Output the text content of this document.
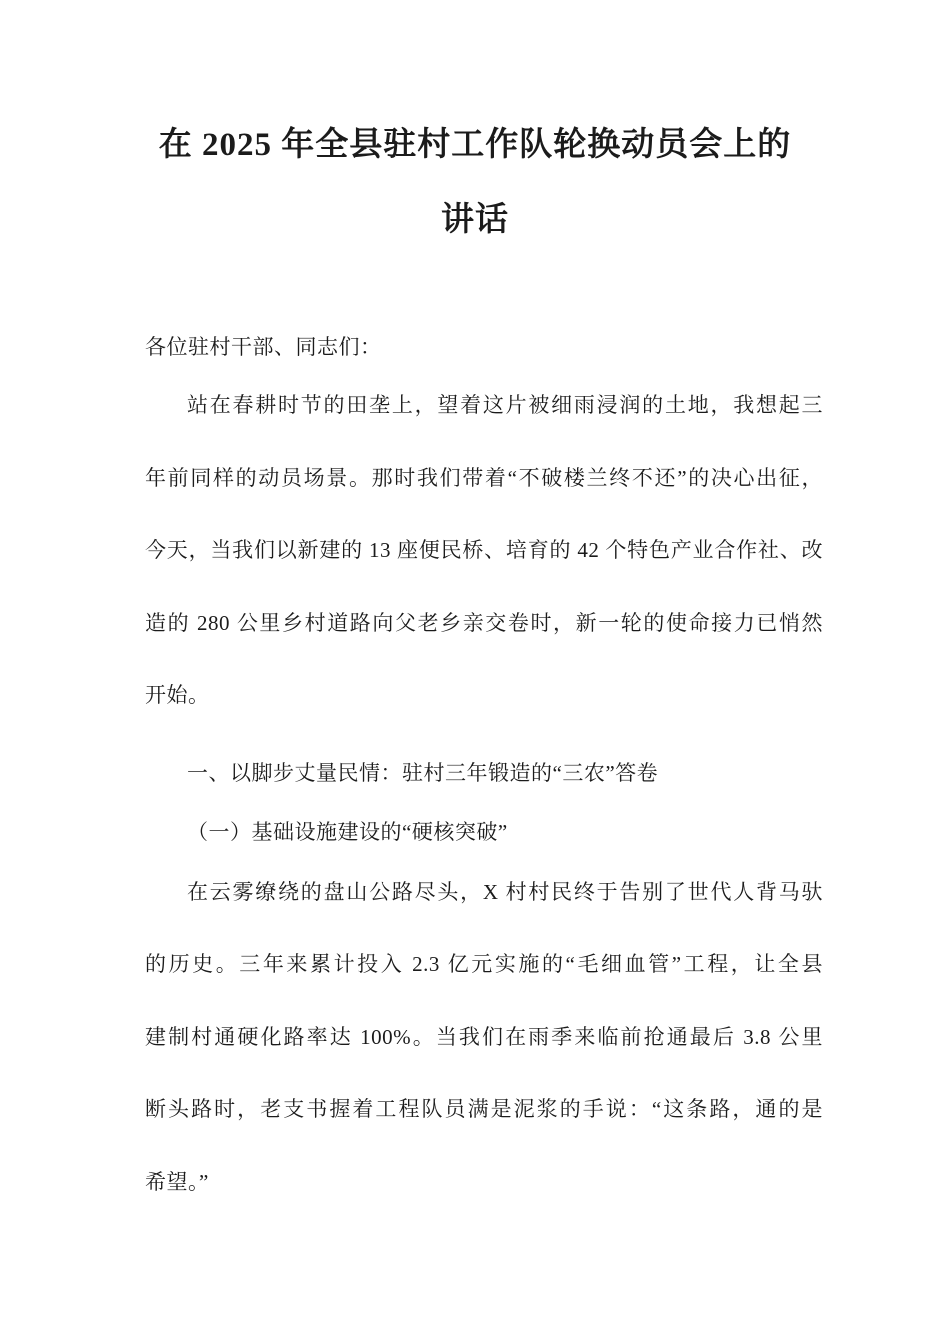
在 2025 年全县驻村工作队轮换动员会上的
讲话
各位驻村干部、同志们：
站在春耕时节的田垄上，望着这片被细雨浸润的土地，我想起三
年前同样的动员场景。那时我们带着“不破楼兰终不还”的决心出征，
今天，当我们以新建的 13 座便民桥、培育的 42 个特色产业合作社、改
造的 280 公里乡村道路向父老乡亲交卷时，新一轮的使命接力已悄然
开始。
一、以脚步丈量民情：驻村三年锻造的“三农”答卷
（一）基础设施建设的“硬核突破”
在云雾缭绕的盘山公路尽头，X 村村民终于告别了世代人背马驮
的历史。三年来累计投入 2.3 亿元实施的“毛细血管”工程，让全县
建制村通硬化路率达 100%。当我们在雨季来临前抢通最后 3.8 公里
断头路时，老支书握着工程队员满是泥浆的手说：“这条路，通的是
希望。”
